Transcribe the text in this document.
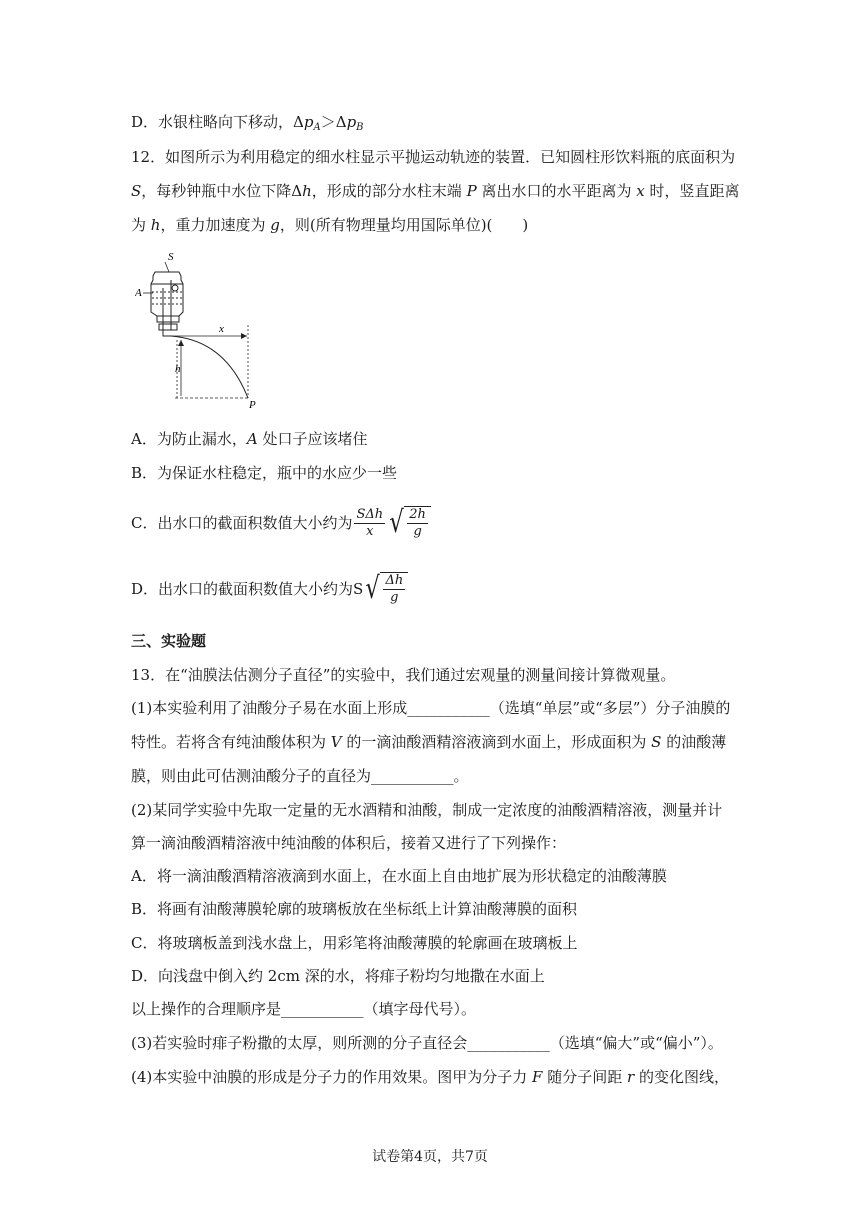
D．水银柱略向下移动，$\Delta p_A>\Delta p_B$
12．如图所示为利用稳定的细水柱显示平抛运动轨迹的装置．已知圆柱形饮料瓶的底面积为
S，每秒钟瓶中水位下降Δh，形成的部分水柱末端 P 离出水口的水平距离为 x 时，竖直距离
为 h，重力加速度为 g，则(所有物理量均用国际单位)(　　)
S
A
x
h
P
A．为防止漏水，A 处口子应该堵住
B．为保证水柱稳定，瓶中的水应少一些
C．出水口的截面积数值大小约为 $\frac{\text{SΔh}}{x}$ √ $\frac{2h}{g}$
D．出水口的截面积数值大小约为S √ $\frac{\Delta h}{g}$
三、实验题
13．在“油膜法估测分子直径”的实验中，我们通过宏观量的测量间接计算微观量。
(1)本实验利用了油酸分子易在水面上形成___________（选填“单层”或“多层”）分子油膜的
特性。若将含有纯油酸体积为 V 的一滴油酸酒精溶液滴到水面上，形成面积为 S 的油酸薄
膜，则由此可估测油酸分子的直径为___________。
(2)某同学实验中先取一定量的无水酒精和油酸，制成一定浓度的油酸酒精溶液，测量并计
算一滴油酸酒精溶液中纯油酸的体积后，接着又进行了下列操作：
A．将一滴油酸酒精溶液滴到水面上，在水面上自由地扩展为形状稳定的油酸薄膜
B．将画有油酸薄膜轮廓的玻璃板放在坐标纸上计算油酸薄膜的面积
C．将玻璃板盖到浅水盘上，用彩笔将油酸薄膜的轮廓画在玻璃板上
D．向浅盘中倒入约 2cm 深的水，将痱子粉均匀地撒在水面上
以上操作的合理顺序是___________（填字母代号）。
(3)若实验时痱子粉撒的太厚，则所测的分子直径会___________（选填“偏大”或“偏小”）。
(4)本实验中油膜的形成是分子力的作用效果。图甲为分子力 F 随分子间距 r 的变化图线，
试卷第4页，共7页
